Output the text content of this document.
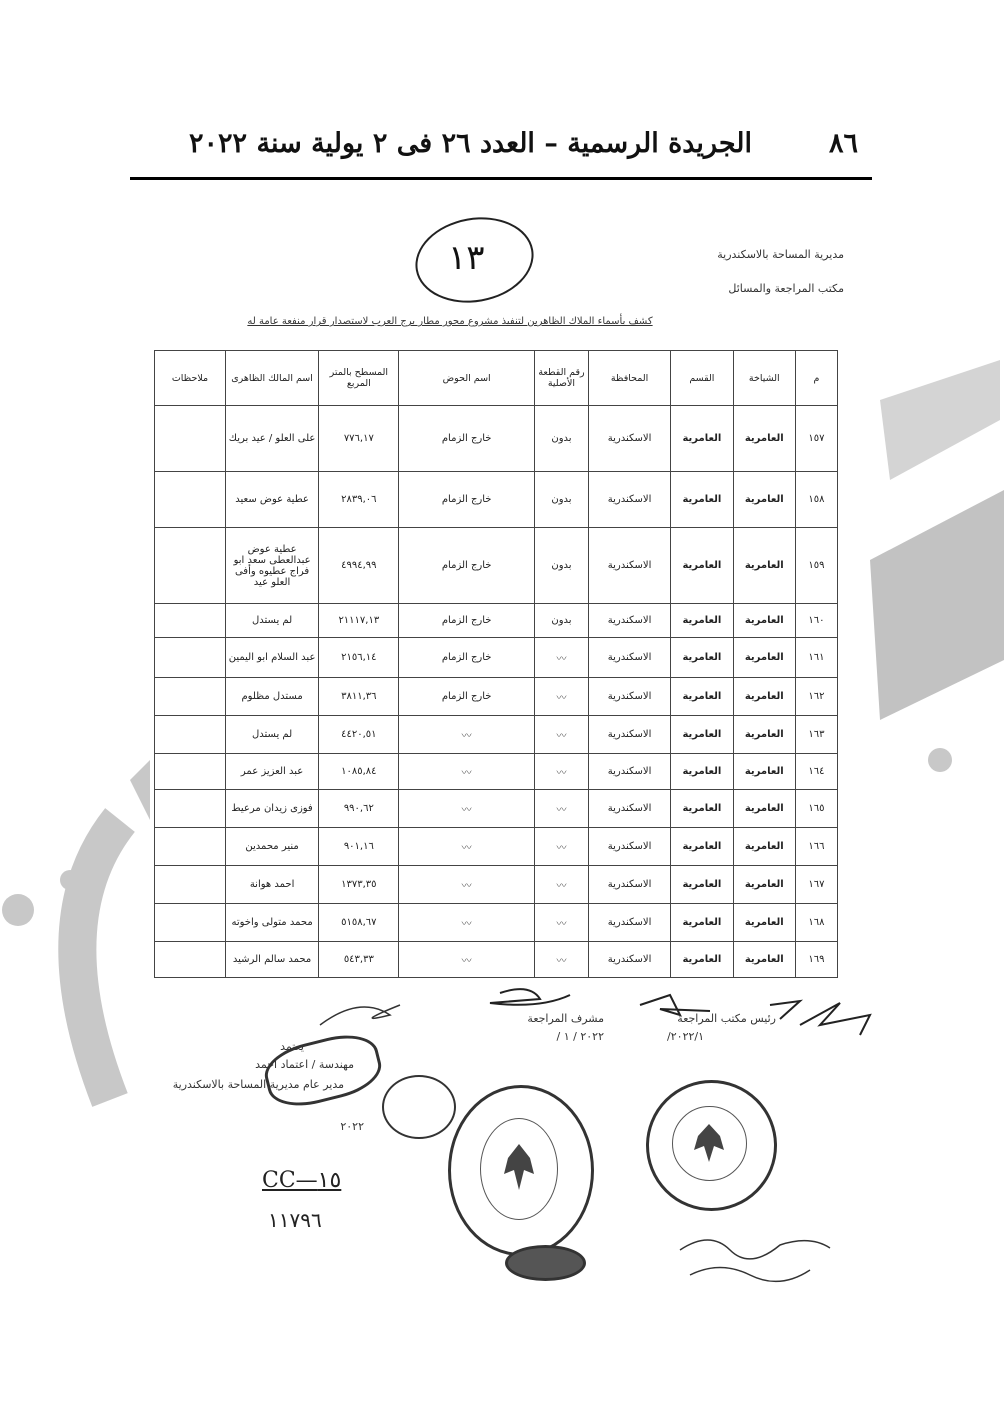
الجريدة الرسمية – العدد ٢٦ فى ٢ يولية سنة ٢٠٢٢	٨٦
١٣	مديرية المساحة بالاسكندرية
مكتب المراجعة والمسائل
كشف بأسماء الملاك الظاهرين لتنفيذ مشروع محور مطار برج العرب لاستصدار قرار منفعة عامة له
م	الشياخة	القسم	المحافظة	رقم القطعة الأصلية	اسم الحوض	المسطح بالمتر المربع	اسم المالك الظاهرى	ملاحظات
١٥٧	العامرية	العامرية	الاسكندرية	بدون	خارج الزمام	٧٧٦,١٧	على العلو / عيد بريك	
١٥٨	العامرية	العامرية	الاسكندرية	بدون	خارج الزمام	٢٨٣٩,٠٦	عطية عوض سعيد	
١٥٩	العامرية	العامرية	الاسكندرية	بدون	خارج الزمام	٤٩٩٤,٩٩	عطية عوض عبدالعطى سعد ابو فراج عطيوه وأفى العلو عيد	
١٦٠	العامرية	العامرية	الاسكندرية	بدون	خارج الزمام	٢١١١٧,١٣	لم يستدل	
١٦١	العامرية	العامرية	الاسكندرية	〰	خارج الزمام	٢١٥٦,١٤	عبد السلام ابو اليمين	
١٦٢	العامرية	العامرية	الاسكندرية	〰	خارج الزمام	٣٨١١,٣٦	مستدل مظلوم	
١٦٣	العامرية	العامرية	الاسكندرية	〰	〰	٤٤٢٠,٥١	لم يستدل	
١٦٤	العامرية	العامرية	الاسكندرية	〰	〰	١٠٨٥,٨٤	عبد العزيز عمر	
١٦٥	العامرية	العامرية	الاسكندرية	〰	〰	٩٩٠,٦٢	فوزى زيدان مرعيط	
١٦٦	العامرية	العامرية	الاسكندرية	〰	〰	٩٠١,١٦	منير محمدين	
١٦٧	العامرية	العامرية	الاسكندرية	〰	〰	١٣٧٣,٣٥	احمد هوانة	
١٦٨	العامرية	العامرية	الاسكندرية	〰	〰	٥١٥٨,٦٧	محمد متولى واخوته	
١٦٩	العامرية	العامرية	الاسكندرية	〰	〰	٥٤٣,٣٣	محمد سالم الرشيد	
رئيس مكتب المراجعة
٢٠٢٢/١/
مشرف المراجعة
٢٠٢٢ / ١ /
يعتمد
مهندسة / اعتماد احمد
مدير عام مديرية المساحة بالاسكندرية
٢٠٢٢
CC—١٥
١١٧٩٦
